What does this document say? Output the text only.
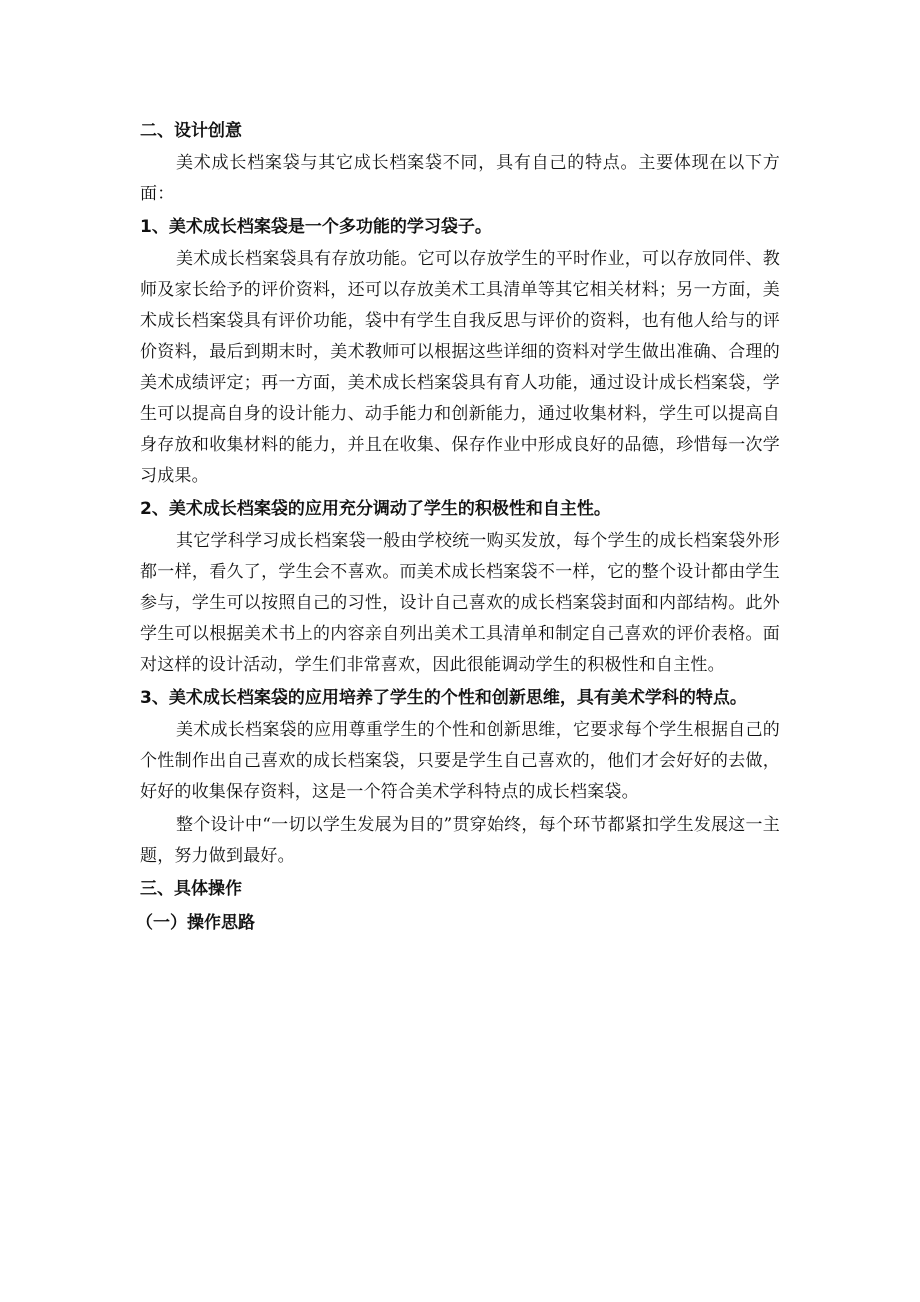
二、设计创意

美术成长档案袋与其它成长档案袋不同，具有自己的特点。主要体现在以下方面：

1、美术成长档案袋是一个多功能的学习袋子。

美术成长档案袋具有存放功能。它可以存放学生的平时作业，可以存放同伴、教师及家长给予的评价资料，还可以存放美术工具清单等其它相关材料；另一方面，美术成长档案袋具有评价功能，袋中有学生自我反思与评价的资料，也有他人给与的评价资料，最后到期末时，美术教师可以根据这些详细的资料对学生做出准确、合理的美术成绩评定；再一方面，美术成长档案袋具有育人功能，通过设计成长档案袋，学生可以提高自身的设计能力、动手能力和创新能力，通过收集材料，学生可以提高自身存放和收集材料的能力，并且在收集、保存作业中形成良好的品德，珍惜每一次学习成果。

2、美术成长档案袋的应用充分调动了学生的积极性和自主性。

其它学科学习成长档案袋一般由学校统一购买发放，每个学生的成长档案袋外形都一样，看久了，学生会不喜欢。而美术成长档案袋不一样，它的整个设计都由学生参与，学生可以按照自己的习性，设计自己喜欢的成长档案袋封面和内部结构。此外学生可以根据美术书上的内容亲自列出美术工具清单和制定自己喜欢的评价表格。面对这样的设计活动，学生们非常喜欢，因此很能调动学生的积极性和自主性。

3、美术成长档案袋的应用培养了学生的个性和创新思维，具有美术学科的特点。

美术成长档案袋的应用尊重学生的个性和创新思维，它要求每个学生根据自己的个性制作出自己喜欢的成长档案袋，只要是学生自己喜欢的，他们才会好好的去做，好好的收集保存资料，这是一个符合美术学科特点的成长档案袋。

整个设计中“一切以学生发展为目的”贯穿始终，每个环节都紧扣学生发展这一主题，努力做到最好。

三、具体操作

（一）操作思路
